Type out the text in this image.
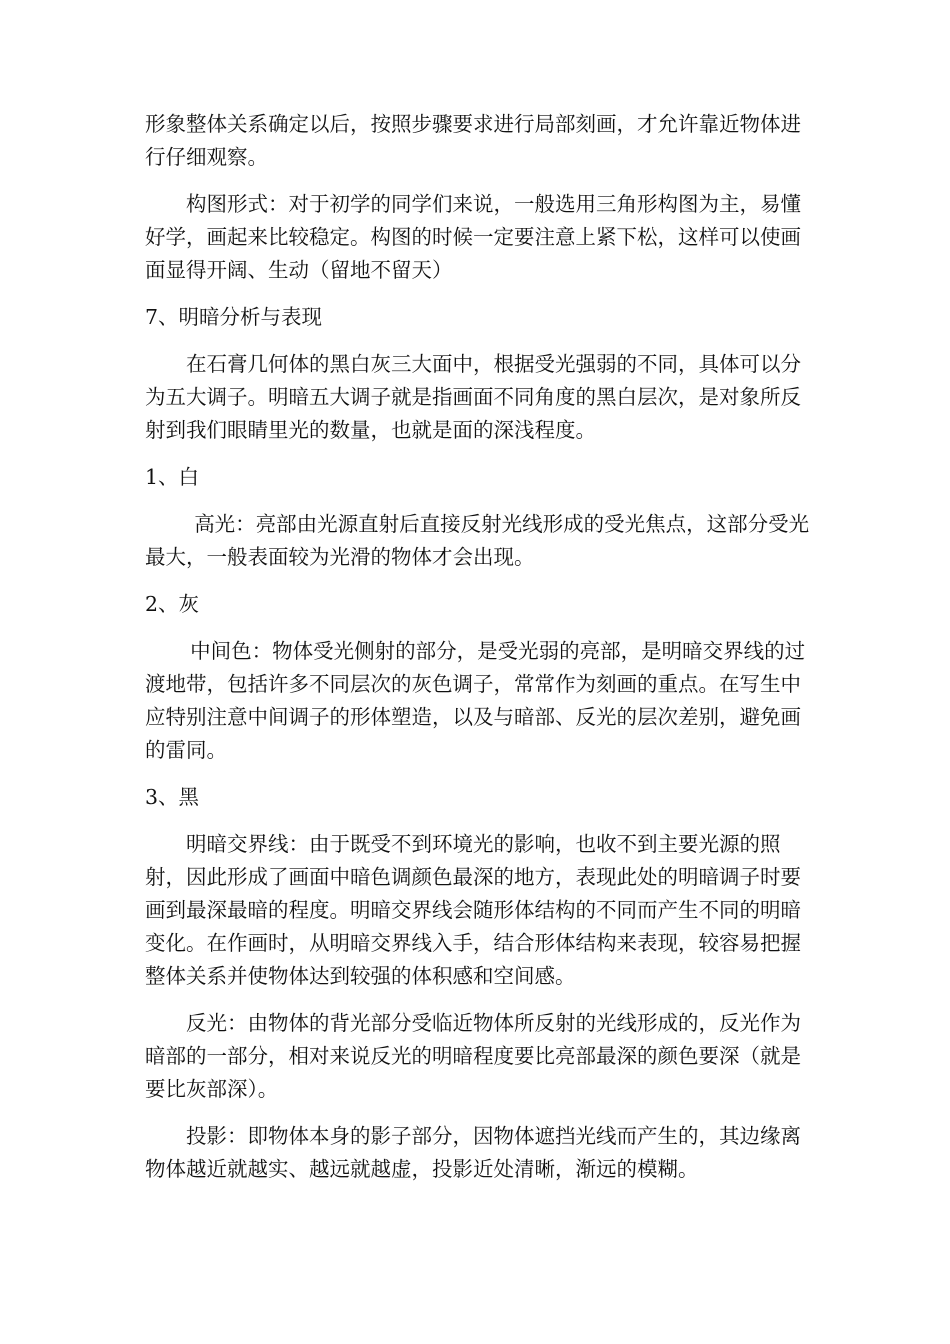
形象整体关系确定以后，按照步骤要求进行局部刻画，才允许靠近物体进行仔细观察。

构图形式：对于初学的同学们来说，一般选用三角形构图为主，易懂好学，画起来比较稳定。构图的时候一定要注意上紧下松，这样可以使画面显得开阔、生动（留地不留天）

7、明暗分析与表现

在石膏几何体的黑白灰三大面中，根据受光强弱的不同，具体可以分为五大调子。明暗五大调子就是指画面不同角度的黑白层次，是对象所反射到我们眼睛里光的数量，也就是面的深浅程度。

1、白

高光：亮部由光源直射后直接反射光线形成的受光焦点，这部分受光最大，一般表面较为光滑的物体才会出现。

2、灰

中间色：物体受光侧射的部分，是受光弱的亮部，是明暗交界线的过渡地带，包括许多不同层次的灰色调子，常常作为刻画的重点。在写生中应特别注意中间调子的形体塑造，以及与暗部、反光的层次差别，避免画的雷同。

3、黑

明暗交界线：由于既受不到环境光的影响，也收不到主要光源的照射，因此形成了画面中暗色调颜色最深的地方，表现此处的明暗调子时要画到最深最暗的程度。明暗交界线会随形体结构的不同而产生不同的明暗变化。在作画时，从明暗交界线入手，结合形体结构来表现，较容易把握整体关系并使物体达到较强的体积感和空间感。

反光：由物体的背光部分受临近物体所反射的光线形成的，反光作为暗部的一部分，相对来说反光的明暗程度要比亮部最深的颜色要深（就是要比灰部深）。

投影：即物体本身的影子部分，因物体遮挡光线而产生的，其边缘离物体越近就越实、越远就越虚，投影近处清晰，渐远的模糊。
